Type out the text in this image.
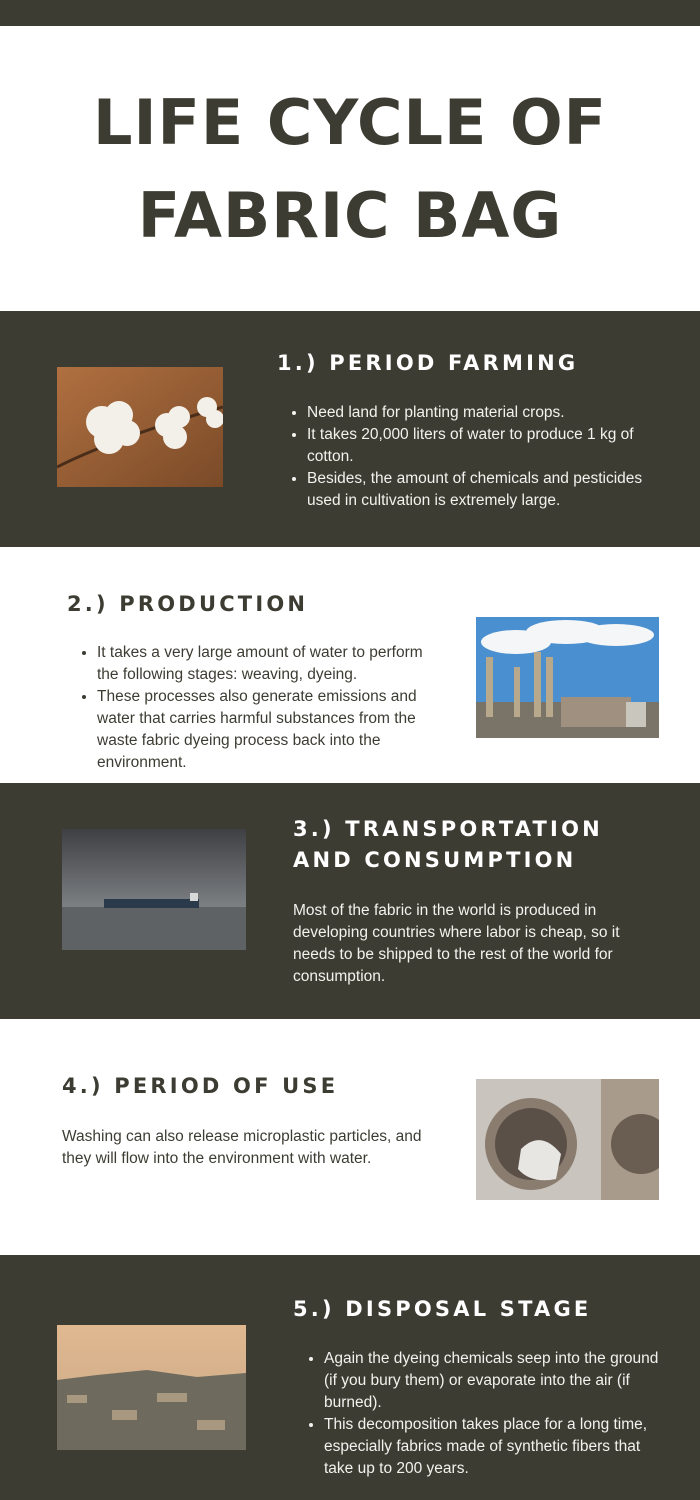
LIFE CYCLE OF FABRIC BAG
1.) PERIOD FARMING
• Need land for planting material crops.
• It takes 20,000 liters of water to produce 1 kg of cotton.
• Besides, the amount of chemicals and pesticides used in cultivation is extremely large.
2.) PRODUCTION
• It takes a very large amount of water to perform the following stages: weaving, dyeing.
• These processes also generate emissions and water that carries harmful substances from the waste fabric dyeing process back into the environment.
3.) TRANSPORTATION AND CONSUMPTION

Most of the fabric in the world is produced in developing countries where labor is cheap, so it needs to be shipped to the rest of the world for consumption.

4.) PERIOD OF USE

Washing can also release microplastic particles, and they will flow into the environment with water.

5.) DISPOSAL STAGE
• Again the dyeing chemicals seep into the ground (if you bury them) or evaporate into the air (if burned).
• This decomposition takes place for a long time, especially fabrics made of synthetic fibers that take up to 200 years.
